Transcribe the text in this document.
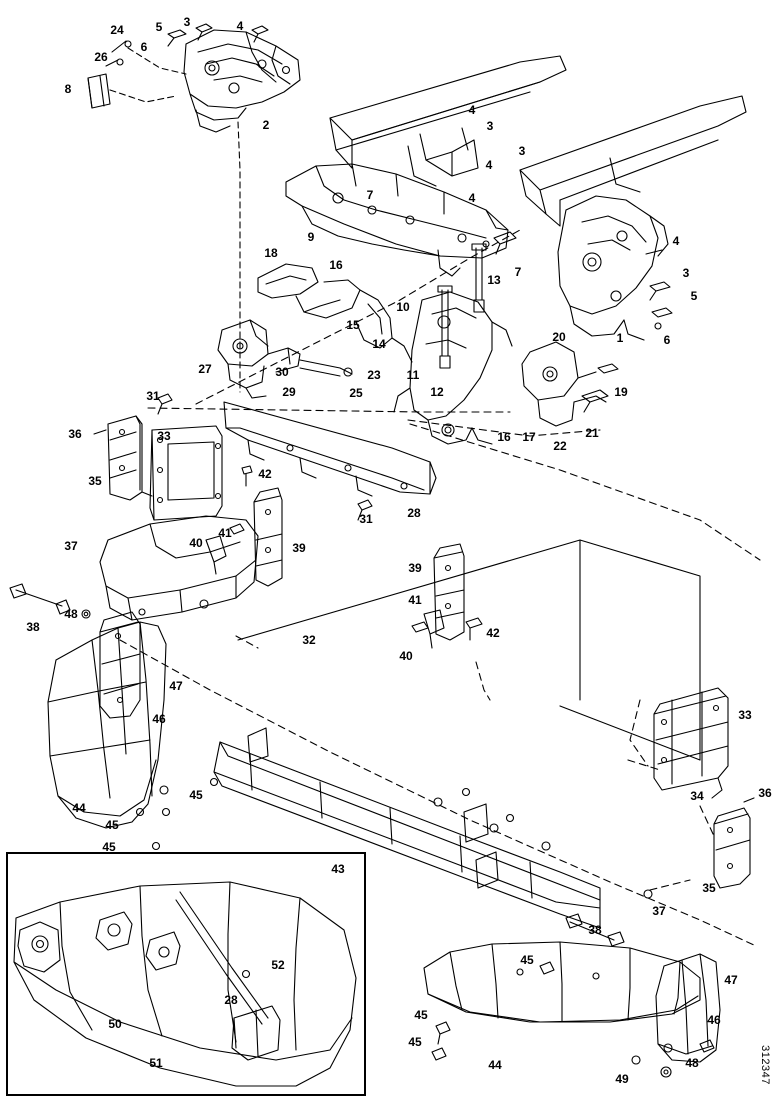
24	5 3	4
26
6
8
2
4
3
4
3
4
4
3
5
6
7
9
7
13
1
20
18
16
15
14
10
11
12
27	30
29	25
23
31
16 17
22
21
19
36	33
35	42
41
40	39
37
31	28
39
41
42
40
38
48
32
47
46
45
44
45
45
43
33
34	36
35
37
38
45
47
46
45
45
44	48
49
50
51
52
28
312347
